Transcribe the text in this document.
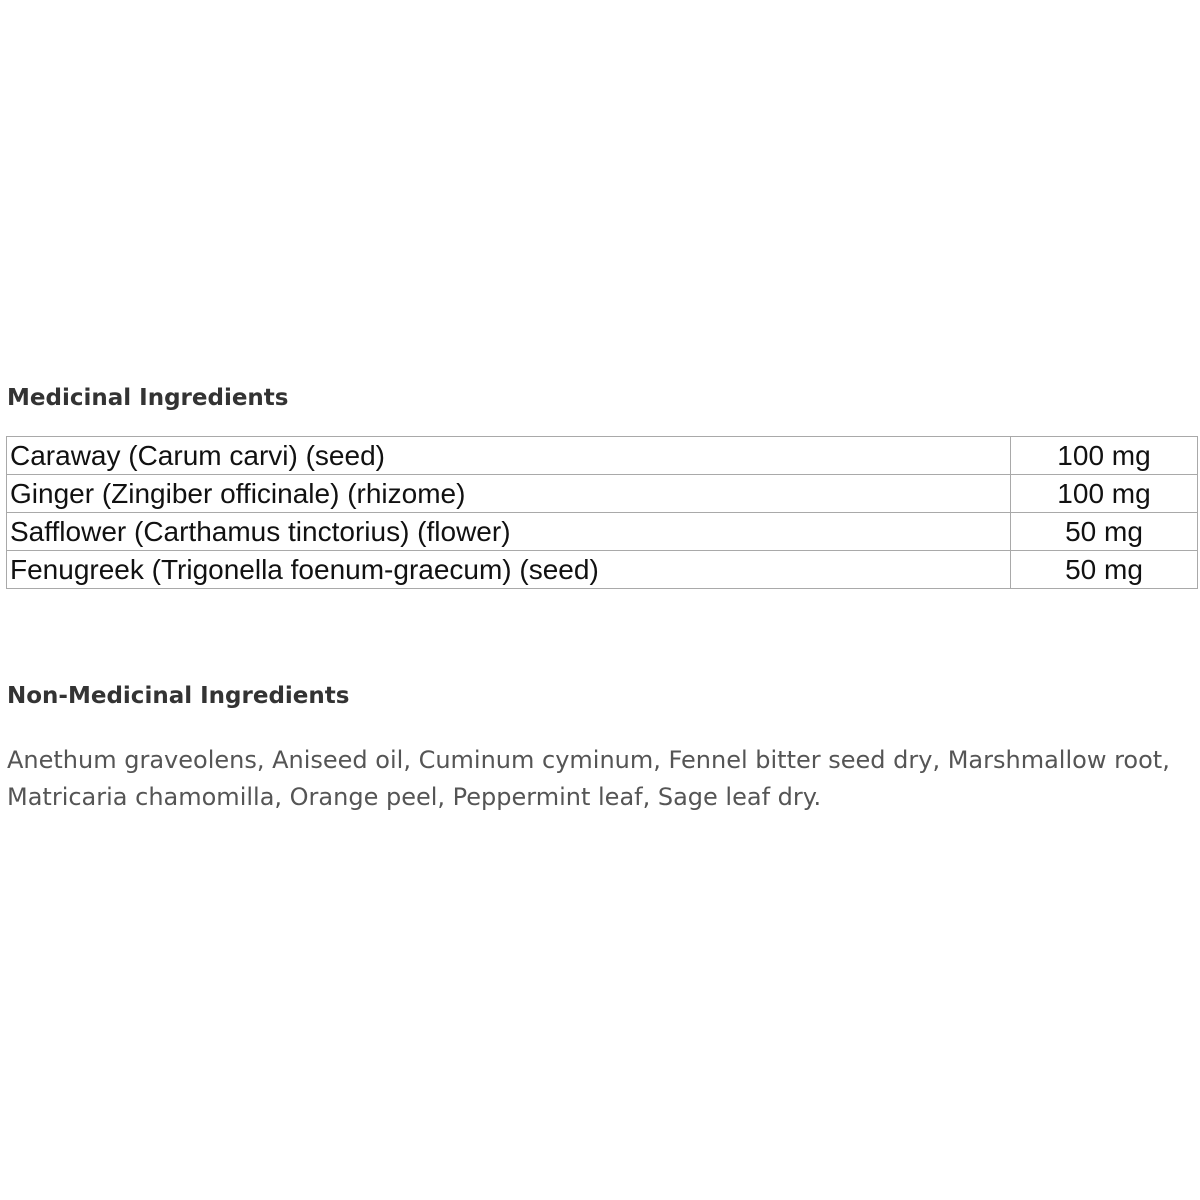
Medicinal Ingredients
Caraway (Carum carvi) (seed)	100 mg
Ginger (Zingiber officinale) (rhizome)	100 mg
Safflower (Carthamus tinctorius) (flower)	50 mg
Fenugreek (Trigonella foenum-graecum) (seed)	50 mg
Non-Medicinal Ingredients

Anethum graveolens, Aniseed oil, Cuminum cyminum, Fennel bitter seed dry, Marshmallow root, Matricaria chamomilla, Orange peel, Peppermint leaf, Sage leaf dry.
